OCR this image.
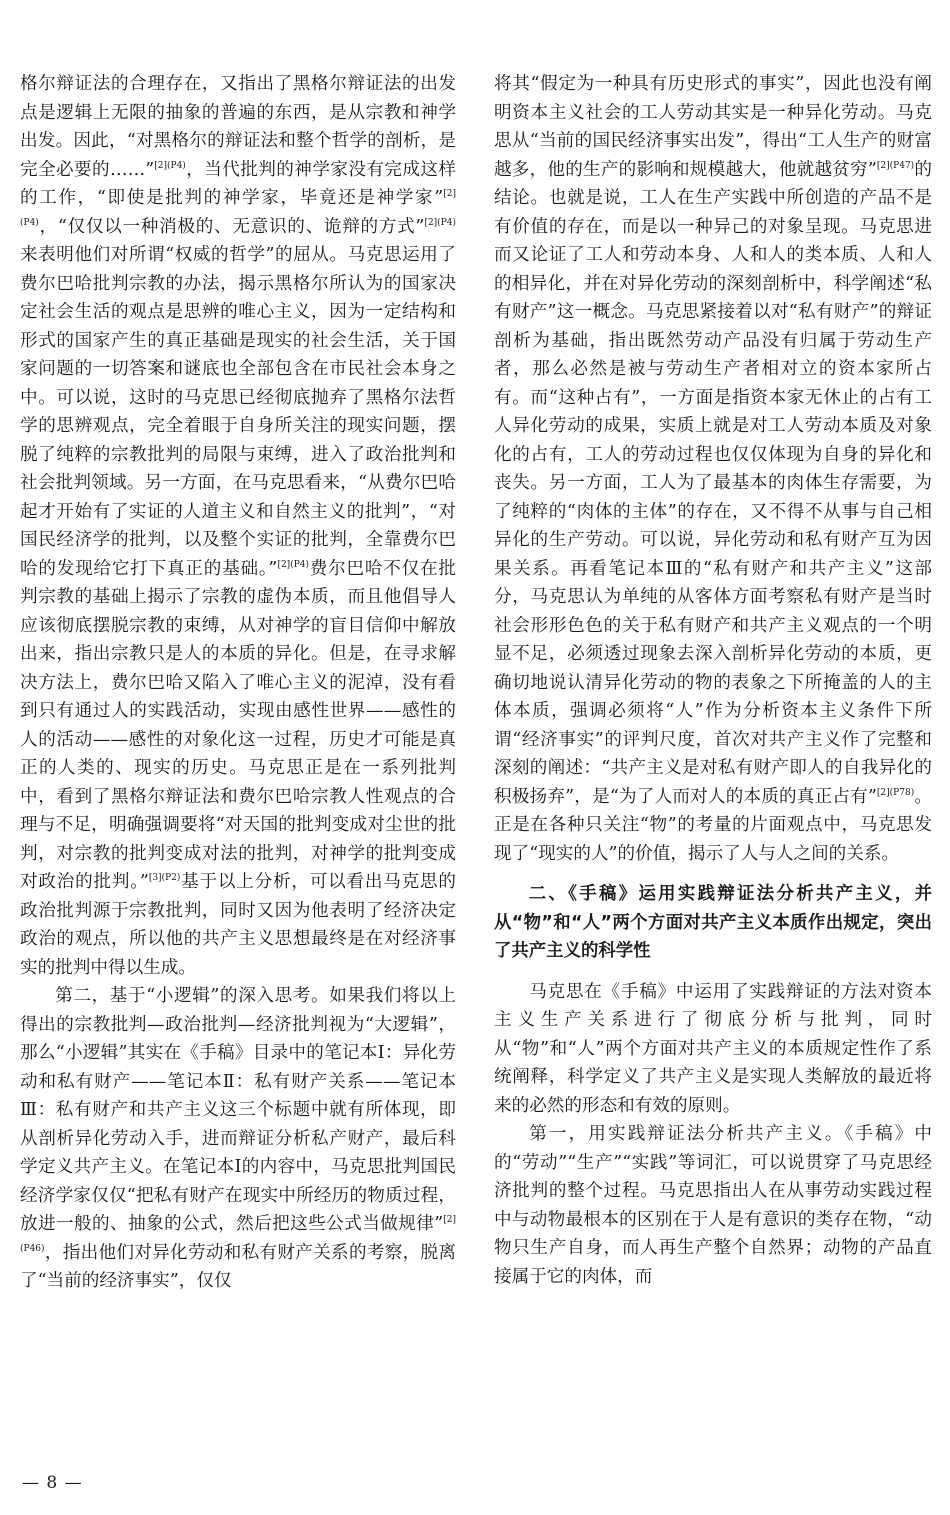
格尔辩证法的合理存在，又指出了黑格尔辩证法的出发点是逻辑上无限的抽象的普遍的东西，是从宗教和神学出发。因此，“对黑格尔的辩证法和整个哲学的剖析，是完全必要的……”$^{[2](P4)}$，当代批判的神学家没有完成这样的工作，“即使是批判的神学家，毕竟还是神学家”$^{[2](P4)}$，“仅仅以一种消极的、无意识的、诡辩的方式”$^{[2](P4)}$来表明他们对所谓“权威的哲学”的屈从。马克思运用了费尔巴哈批判宗教的办法，揭示黑格尔所认为的国家决定社会生活的观点是思辨的唯心主义，因为一定结构和形式的国家产生的真正基础是现实的社会生活，关于国家问题的一切答案和谜底也全部包含在市民社会本身之中。可以说，这时的马克思已经彻底抛弃了黑格尔法哲学的思辨观点，完全着眼于自身所关注的现实问题，摆脱了纯粹的宗教批判的局限与束缚，进入了政治批判和社会批判领域。另一方面，在马克思看来，“从费尔巴哈起才开始有了实证的人道主义和自然主义的批判”，“对国民经济学的批判，以及整个实证的批判，全靠费尔巴哈的发现给它打下真正的基础。”$^{[2](P4)}$费尔巴哈不仅在批判宗教的基础上揭示了宗教的虚伪本质，而且他倡导人应该彻底摆脱宗教的束缚，从对神学的盲目信仰中解放出来，指出宗教只是人的本质的异化。但是，在寻求解决方法上，费尔巴哈又陷入了唯心主义的泥淖，没有看到只有通过人的实践活动，实现由感性世界——感性的人的活动——感性的对象化这一过程，历史才可能是真正的人类的、现实的历史。马克思正是在一系列批判中，看到了黑格尔辩证法和费尔巴哈宗教人性观点的合理与不足，明确强调要将“对天国的批判变成对尘世的批判，对宗教的批判变成对法的批判，对神学的批判变成对政治的批判。”$^{[3](P2)}$基于以上分析，可以看出马克思的政治批判源于宗教批判，同时又因为他表明了经济决定政治的观点，所以他的共产主义思想最终是在对经济事实的批判中得以生成。

第二，基于“小逻辑”的深入思考。如果我们将以上得出的宗教批判—政治批判—经济批判视为“大逻辑”，那么“小逻辑”其实在《手稿》目录中的笔记本Ⅰ：异化劳动和私有财产——笔记本Ⅱ：私有财产关系——笔记本Ⅲ：私有财产和共产主义这三个标题中就有所体现，即从剖析异化劳动入手，进而辩证分析私产财产，最后科学定义共产主义。在笔记本Ⅰ的内容中，马克思批判国民经济学家仅仅“把私有财产在现实中所经历的物质过程，放进一般的、抽象的公式，然后把这些公式当做规律”$^{[2](P46)}$，指出他们对异化劳动和私有财产关系的考察，脱离了“当前的经济事实”，仅仅

将其“假定为一种具有历史形式的事实”，因此也没有阐明资本主义社会的工人劳动其实是一种异化劳动。马克思从“当前的国民经济事实出发”，得出“工人生产的财富越多，他的生产的影响和规模越大，他就越贫穷”$^{[2](P47)}$的结论。也就是说，工人在生产实践中所创造的产品不是有价值的存在，而是以一种异己的对象呈现。马克思进而又论证了工人和劳动本身、人和人的类本质、人和人的相异化，并在对异化劳动的深刻剖析中，科学阐述“私有财产”这一概念。马克思紧接着以对“私有财产”的辩证剖析为基础，指出既然劳动产品没有归属于劳动生产者，那么必然是被与劳动生产者相对立的资本家所占有。而“这种占有”，一方面是指资本家无休止的占有工人异化劳动的成果，实质上就是对工人劳动本质及对象化的占有，工人的劳动过程也仅仅体现为自身的异化和丧失。另一方面，工人为了最基本的肉体生存需要，为了纯粹的“肉体的主体”的存在，又不得不从事与自己相异化的生产劳动。可以说，异化劳动和私有财产互为因果关系。再看笔记本Ⅲ的“私有财产和共产主义”这部分，马克思认为单纯的从客体方面考察私有财产是当时社会形形色色的关于私有财产和共产主义观点的一个明显不足，必须透过现象去深入剖析异化劳动的本质，更确切地说认清异化劳动的物的表象之下所掩盖的人的主体本质，强调必须将“人”作为分析资本主义条件下所谓“经济事实”的评判尺度，首次对共产主义作了完整和深刻的阐述：“共产主义是对私有财产即人的自我异化的积极扬弃”，是“为了人而对人的本质的真正占有”$^{[2](P78)}$。正是在各种只关注“物”的考量的片面观点中，马克思发现了“现实的人”的价值，揭示了人与人之间的关系。

二、《手稿》运用实践辩证法分析共产主义，并从“物”和“人”两个方面对共产主义本质作出规定，突出了共产主义的科学性

马克思在《手稿》中运用了实践辩证的方法对资本主义生产关系进行了彻底分析与批判，同时从“物”和“人”两个方面对共产主义的本质规定性作了系统阐释，科学定义了共产主义是实现人类解放的最近将来的必然的形态和有效的原则。

第一，用实践辩证法分析共产主义。《手稿》中的“劳动”“生产”“实践”等词汇，可以说贯穿了马克思经济批判的整个过程。马克思指出人在从事劳动实践过程中与动物最根本的区别在于人是有意识的类存在物，“动物只生产自身，而人再生产整个自然界；动物的产品直接属于它的肉体，而

— 8 —
